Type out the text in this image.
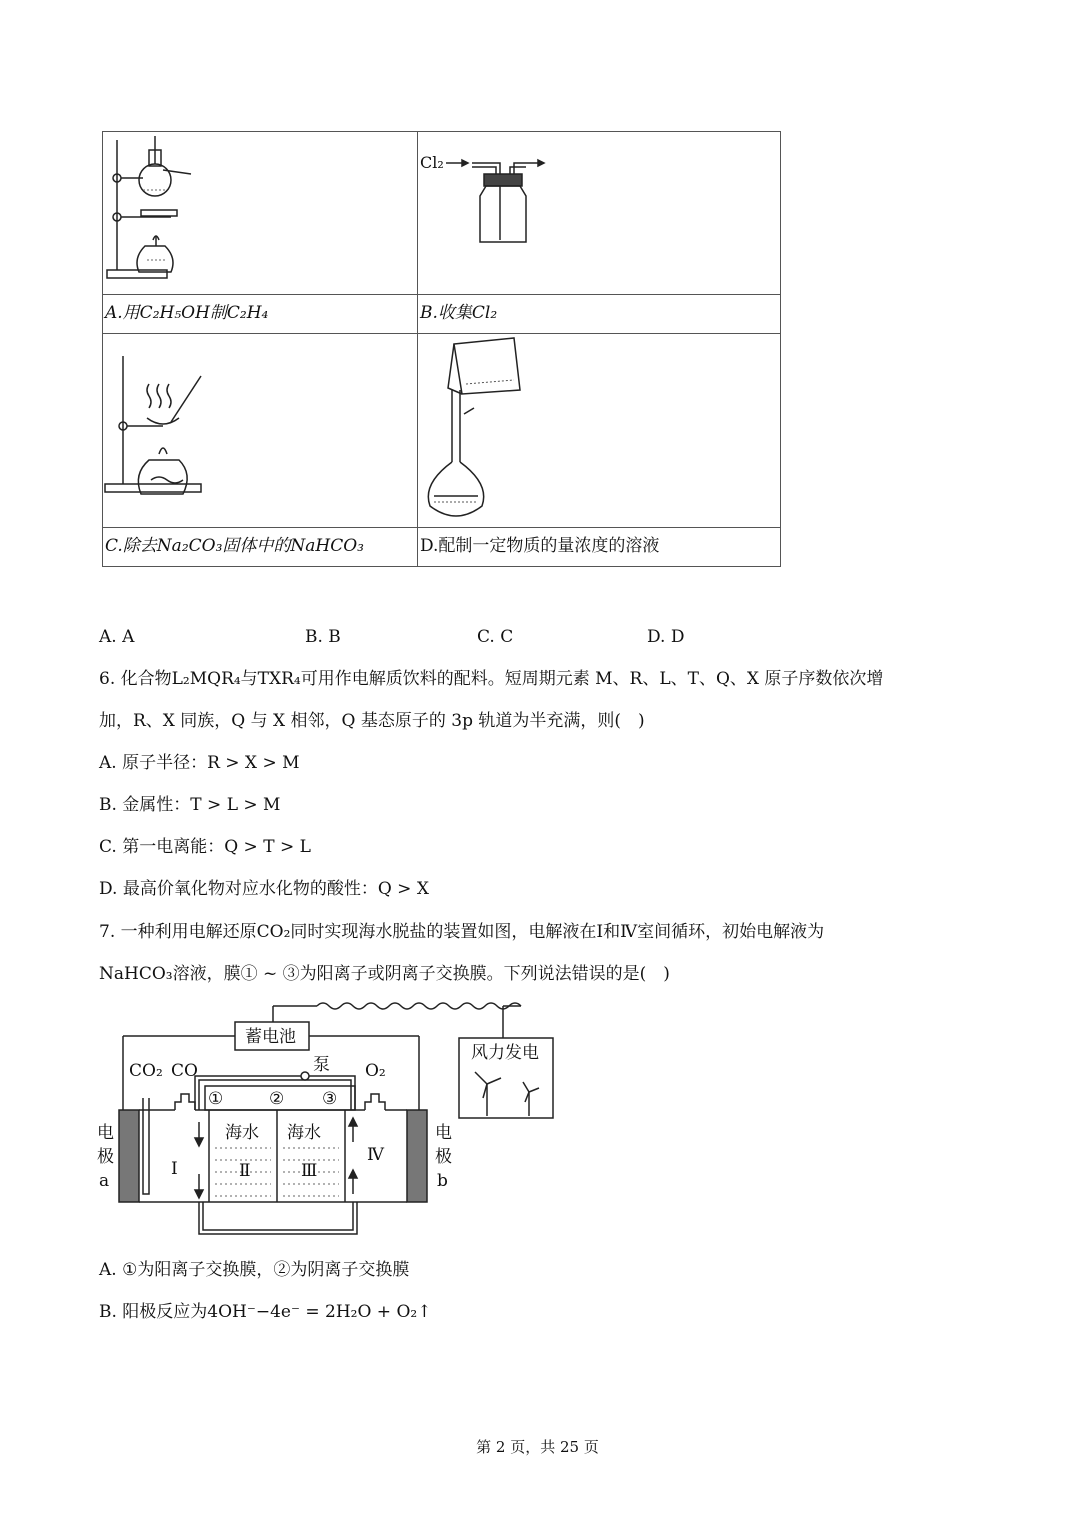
Cl₂

A.用C₂H₅OH制C₂H₄	B.收集Cl₂

C.除去Na₂CO₃固体中的NaHCO₃	D.配制一定物质的量浓度的溶液
A. A	B. B	C. C	D. D
6. 化合物L₂MQR₄与TXR₄可用作电解质饮料的配料。短周期元素 M、R、L、T、Q、X 原子序数依次增
加，R、X 同族，Q 与 X 相邻，Q 基态原子的 3p 轨道为半充满，则(　)
A. 原子半径：R > X > M
B. 金属性：T > L > M
C. 第一电离能：Q > T > L
D. 最高价氧化物对应水化物的酸性：Q > X
7. 一种利用电解还原CO₂同时实现海水脱盐的装置如图，电解液在Ⅰ和Ⅳ室间循环，初始电解液为
NaHCO₃溶液，膜① ~ ③为阳离子或阴离子交换膜。下列说法错误的是(　)
蓄电池
风力发电
泵
CO₂ CO	O₂
①	② ③
海水 海水
Ⅰ	Ⅱ	Ⅲ
Ⅳ
电
极
a
电
极
b
A. ①为阳离子交换膜，②为阴离子交换膜
B. 阳极反应为4OH⁻−4e⁻ = 2H₂O + O₂↑
第 2 页，共 25 页
